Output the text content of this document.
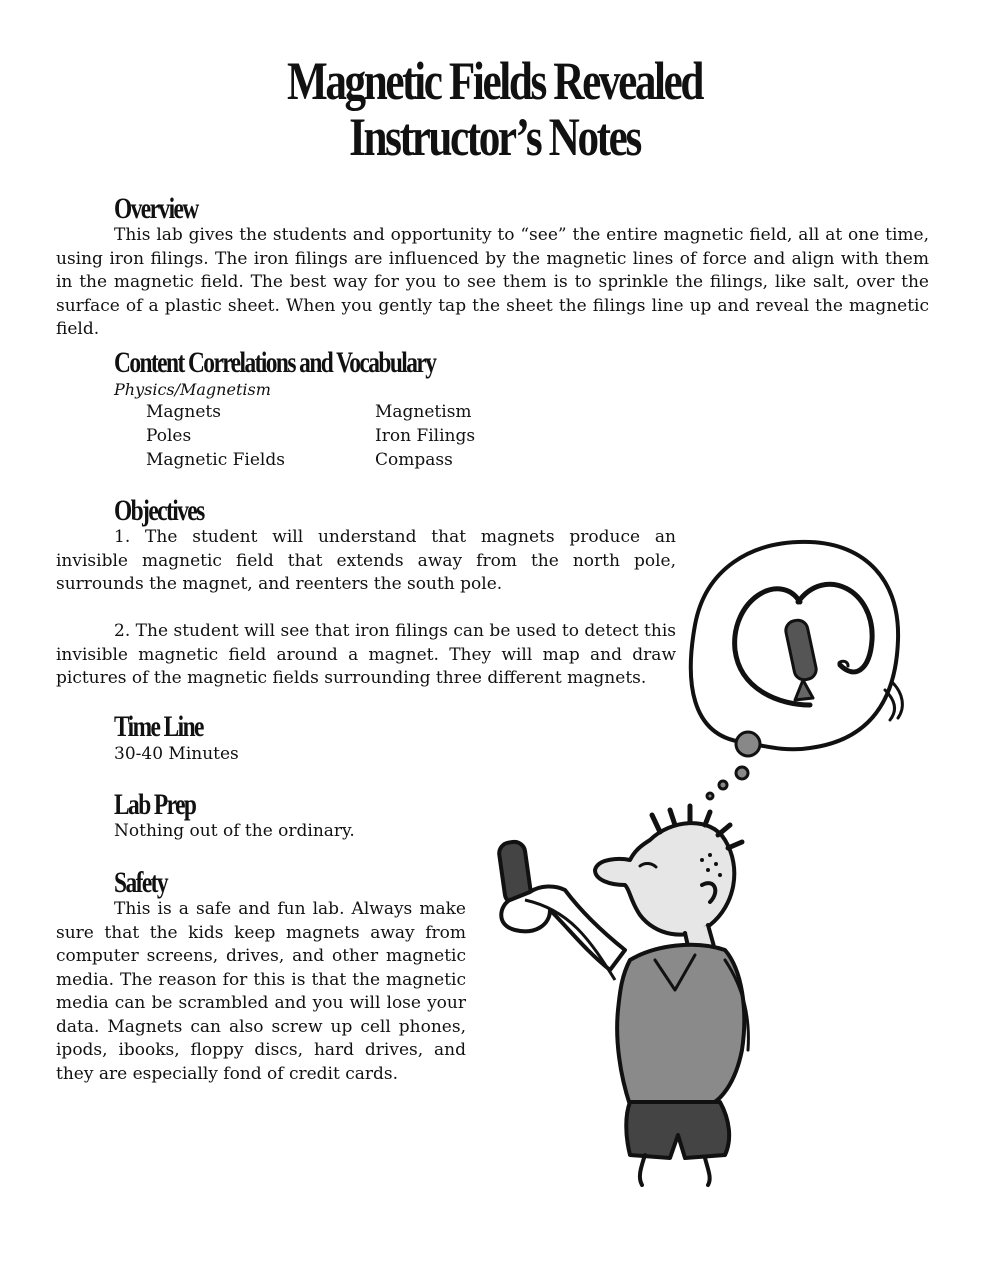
Magnetic Fields Revealed
Instructor’s Notes
Overview

This lab gives the students and opportunity to “see” the entire magnetic field, all at one time, using iron filings. The iron filings are influenced by the magnetic lines of force and align with them in the magnetic field. The best way for you to see them is to sprinkle the filings, like salt, over the surface of a plastic sheet. When you gently tap the sheet the filings line up and reveal the magnetic field.

Content Correlations and Vocabulary

Physics/Magnetism

Magnets

Poles

Magnetic Fields

Magnetism

Iron Filings

Compass

Objectives

1. The student will understand that magnets produce an invisible magnetic field that extends away from the north pole, surrounds the magnet, and reenters the south pole.

2. The student will see that iron filings can be used to detect this invisible magnetic field around a magnet. They will map and draw pictures of the magnetic fields surrounding three different magnets.

Time Line

30-40 Minutes

Lab Prep

Nothing out of the ordinary.

Safety

This is a safe and fun lab. Always make sure that the kids keep magnets away from computer screens, drives, and other magnetic media. The reason for this is that the magnetic media can be scrambled and you will lose your data. Magnets can also screw up cell phones, ipods, ibooks, floppy discs, hard drives, and they are especially fond of credit cards.
